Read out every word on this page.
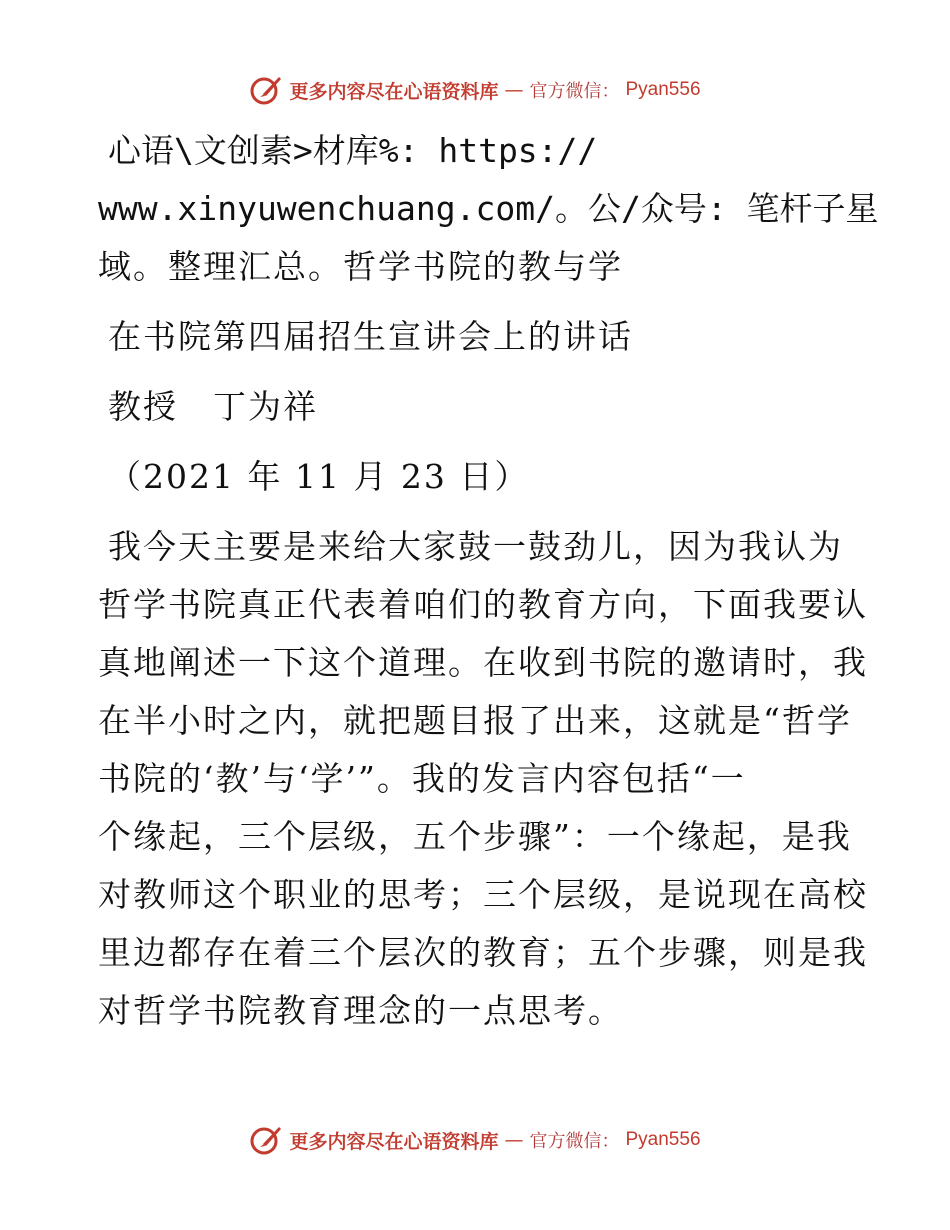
更多内容尽在心语资料库 — 官方微信： Pyan556
心语\文创素>材库%: https://
www.xinyuwenchuang.com/。公/众号: 笔杆子星
域。整理汇总。哲学书院的教与学
在书院第四届招生宣讲会上的讲话
教授　丁为祥
（2021 年 11 月 23 日）
我今天主要是来给大家鼓一鼓劲儿，因为我认为
哲学书院真正代表着咱们的教育方向，下面我要认
真地阐述一下这个道理。在收到书院的邀请时，我
在半小时之内，就把题目报了出来，这就是“哲学
书院的‘教’与‘学’”。我的发言内容包括“一
个缘起，三个层级，五个步骤”：一个缘起，是我
对教师这个职业的思考；三个层级，是说现在高校
里边都存在着三个层次的教育；五个步骤，则是我
对哲学书院教育理念的一点思考。
更多内容尽在心语资料库 — 官方微信： Pyan556
